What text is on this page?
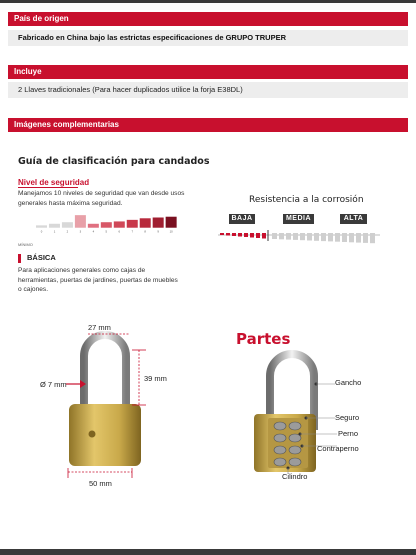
País de origen
Fabricado en China bajo las estrictas especificaciones de GRUPO TRUPER
Incluye
2 Llaves tradicionales (Para hacer duplicados utilice la forja E38DL)
Imágenes complementarias
Guía de clasificación para candados
Nivel de seguridad
Manejamos 10 niveles de seguridad que van desde usos generales hasta máxima seguridad.
0	1	2	3	4	5	6	7	8	9	10
MÍNIMO
BÁSICA
Para aplicaciones generales como cajas de herramientas, puertas de jardines, puertas de muebles o cajones.
Resistencia a la corrosión
BAJA	MEDIA	ALTA
27 mm
39 mm
Ø 7 mm
50 mm
Partes
Gancho
Seguro
Perno
Contraperno
Cilindro
